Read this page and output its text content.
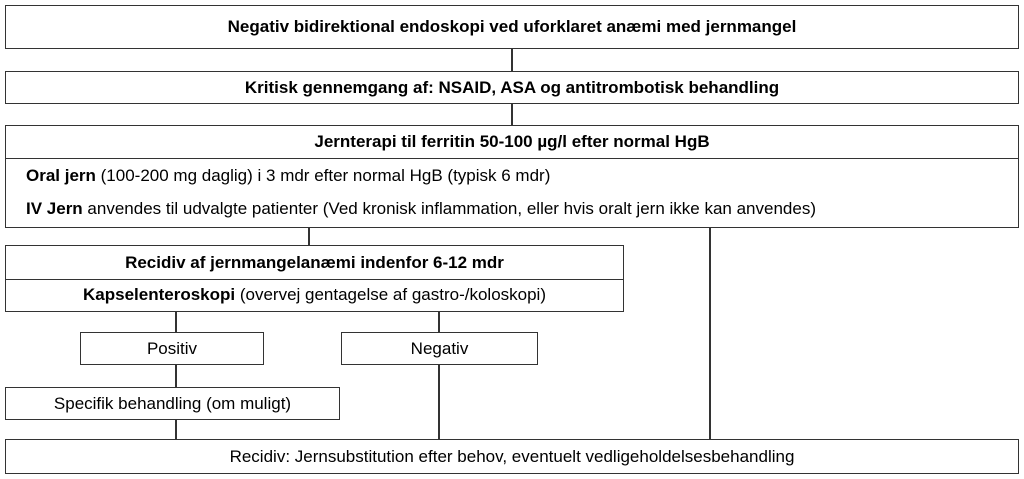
Negativ bidirektional endoskopi ved uforklaret anæmi med jernmangel
Kritisk gennemgang af: NSAID, ASA og antitrombotisk behandling
Jernterapi til ferritin 50-100 µg/l efter normal HgB
Oral jern (100-200 mg daglig) i 3 mdr efter normal HgB (typisk 6 mdr)
IV Jern anvendes til udvalgte patienter (Ved kronisk inflammation, eller hvis oralt jern ikke kan anvendes)
Recidiv af jernmangelanæmi indenfor 6-12 mdr
Kapselenteroskopi (overvej gentagelse af gastro-/koloskopi)
Positiv	Negativ
Specifik behandling (om muligt)
Recidiv: Jernsubstitution efter behov, eventuelt vedligeholdelsesbehandling
